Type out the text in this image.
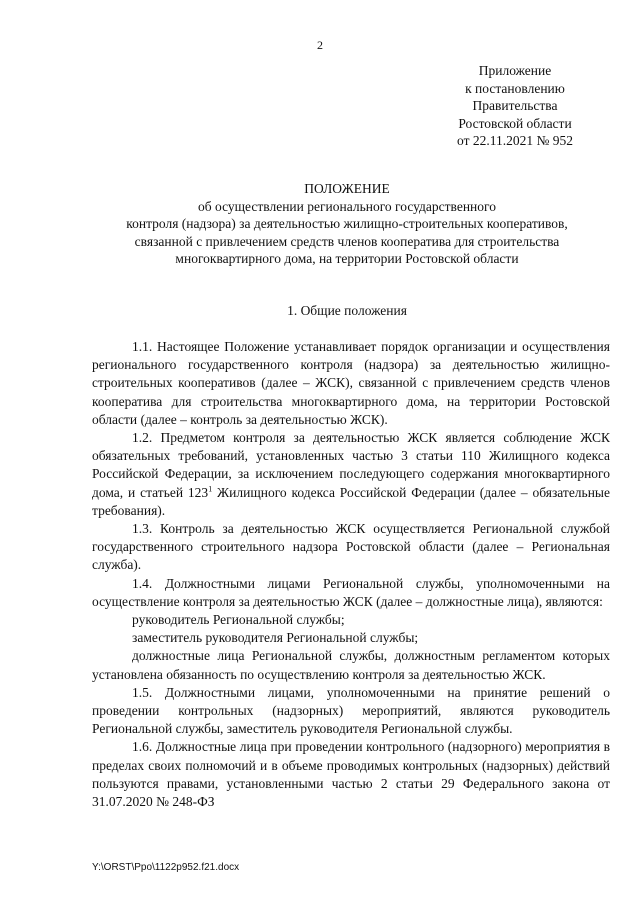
2
Приложение
к постановлению
Правительства
Ростовской области
от 22.11.2021 № 952
ПОЛОЖЕНИЕ
об осуществлении регионального государственного
контроля (надзора) за деятельностью жилищно-строительных кооперативов,
связанной с привлечением средств членов кооператива для строительства
многоквартирного дома, на территории Ростовской области
1. Общие положения

1.1. Настоящее Положение устанавливает порядок организации и осуществления регионального государственного контроля (надзора) за деятельностью жилищно-строительных кооперативов (далее – ЖСК), связанной с привлечением средств членов кооператива для строительства многоквартирного дома, на территории Ростовской области (далее – контроль за деятельностью ЖСК).

1.2. Предметом контроля за деятельностью ЖСК является соблюдение ЖСК обязательных требований, установленных частью 3 статьи 110 Жилищного кодекса Российской Федерации, за исключением последующего содержания многоквартирного дома, и статьей $123^1$ Жилищного кодекса Российской Федерации (далее – обязательные требования).

1.3. Контроль за деятельностью ЖСК осуществляется Региональной службой государственного строительного надзора Ростовской области (далее – Региональная служба).

1.4. Должностными лицами Региональной службы, уполномоченными на осуществление контроля за деятельностью ЖСК (далее – должностные лица), являются:

руководитель Региональной службы;

заместитель руководителя Региональной службы;

должностные лица Региональной службы, должностным регламентом которых установлена обязанность по осуществлению контроля за деятельностью ЖСК.

1.5. Должностными лицами, уполномоченными на принятие решений о проведении контрольных (надзорных) мероприятий, являются руководитель Региональной службы, заместитель руководителя Региональной службы.

1.6. Должностные лица при проведении контрольного (надзорного) мероприятия в пределах своих полномочий и в объеме проводимых контрольных (надзорных) действий пользуются правами, установленными частью 2 статьи 29 Федерального закона от 31.07.2020 № 248-ФЗ

Y:\ORST\Ppo\1122p952.f21.docx
